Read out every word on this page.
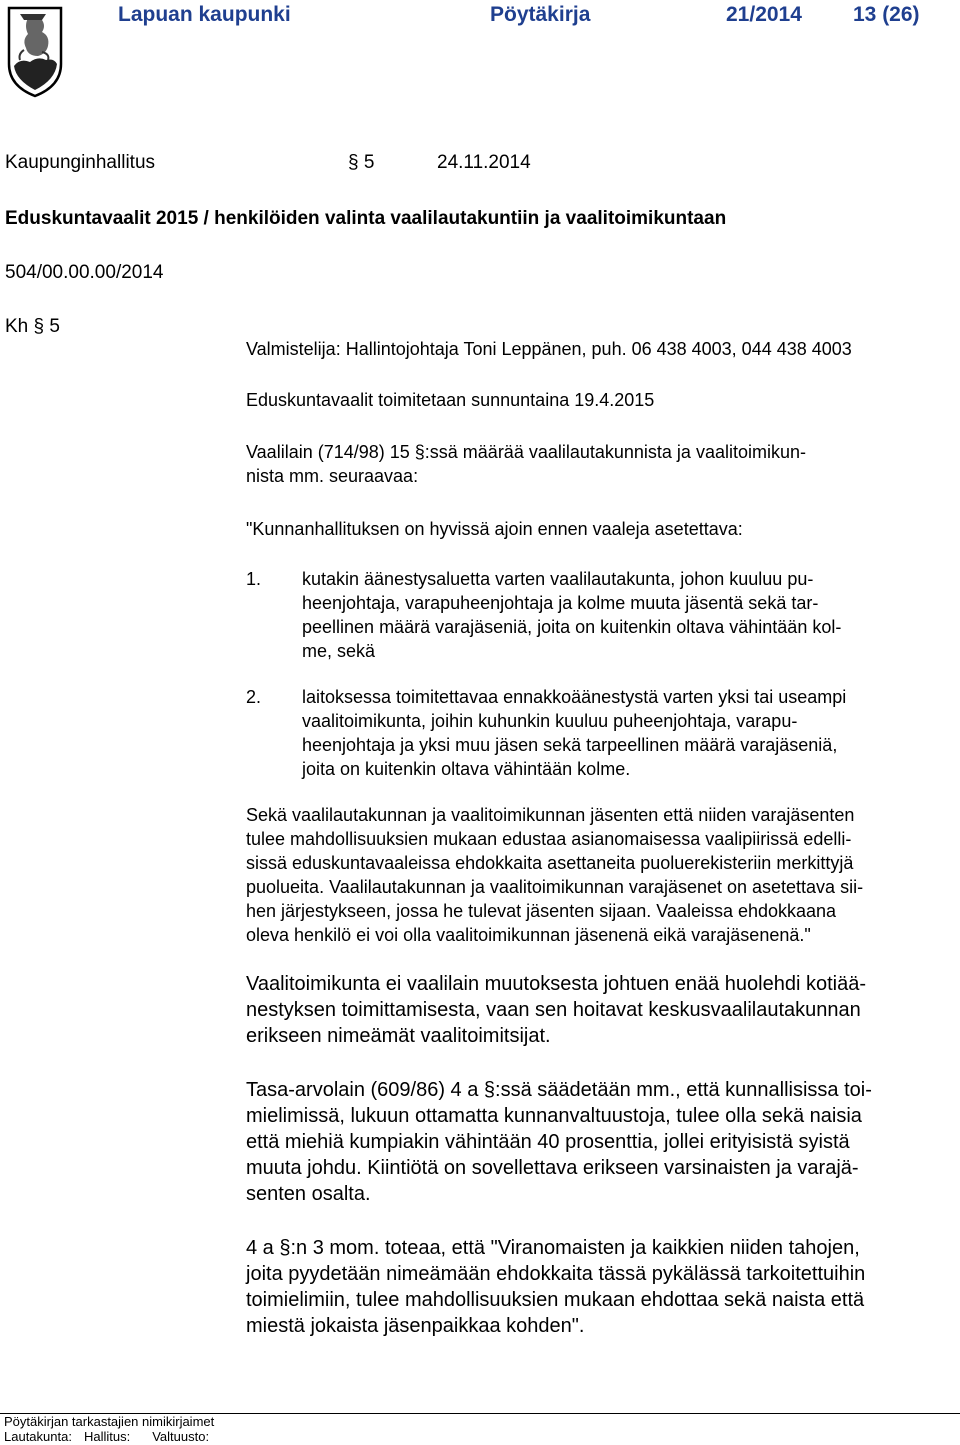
Lapuan kaupunki	Pöytäkirja	21/2014 13 (26)
Kaupunginhallitus	§ 5	24.11.2014
Eduskuntavaalit 2015 / henkilöiden valinta vaalilautakuntiin ja vaalitoimikuntaan
504/00.00.00/2014
Kh § 5
Valmistelija: Hallintojohtaja Toni Leppänen, puh. 06 438 4003, 044 438 4003
Eduskuntavaalit toimitetaan sunnuntaina 19.4.2015
Vaalilain (714/98) 15 §:ssä määrää vaalilautakunnista ja vaalitoimikun-
nista mm. seuraavaa:
"Kunnanhallituksen on hyvissä ajoin ennen vaaleja asetettava:
1. kutakin äänestysaluetta varten vaalilautakunta, johon kuuluu pu-
heenjohtaja, varapuheenjohtaja ja kolme muuta jäsentä sekä tar-
peellinen määrä varajäseniä, joita on kuitenkin oltava vähintään kol-
me, sekä
2. laitoksessa toimitettavaa ennakkoäänestystä varten yksi tai useampi
vaalitoimikunta, joihin kuhunkin kuuluu puheenjohtaja, varapu-
heenjohtaja ja yksi muu jäsen sekä tarpeellinen määrä varajäseniä,
joita on kuitenkin oltava vähintään kolme.
Sekä vaalilautakunnan ja vaalitoimikunnan jäsenten että niiden varajäsenten
tulee mahdollisuuksien mukaan edustaa asianomaisessa vaalipiirissä edelli-
sissä eduskuntavaaleissa ehdokkaita asettaneita puoluerekisteriin merkittyjä
puolueita. Vaalilautakunnan ja vaalitoimikunnan varajäsenet on asetettava sii-
hen järjestykseen, jossa he tulevat jäsenten sijaan. Vaaleissa ehdokkaana
oleva henkilö ei voi olla vaalitoimikunnan jäsenenä eikä varajäsenenä."
Vaalitoimikunta ei vaalilain muutoksesta johtuen enää huolehdi kotiää-
nestyksen toimittamisesta, vaan sen hoitavat keskusvaalilautakunnan
erikseen nimeämät vaalitoimitsijat.
Tasa-arvolain (609/86) 4 a §:ssä säädetään mm., että kunnallisissa toi-
mielimissä, lukuun ottamatta kunnanvaltuustoja, tulee olla sekä naisia
että miehiä kumpiakin vähintään 40 prosenttia, jollei erityisistä syistä
muuta johdu. Kiintiötä on sovellettava erikseen varsinaisten ja varajä-
senten osalta.
4 a §:n 3 mom. toteaa, että "Viranomaisten ja kaikkien niiden tahojen,
joita pyydetään nimeämään ehdokkaita tässä pykälässä tarkoitettuihin
toimielimiin, tulee mahdollisuuksien mukaan ehdottaa sekä naista että
miestä jokaista jäsenpaikkaa kohden".
Pöytäkirjan tarkastajien nimikirjaimet
Lautakunta: Hallitus: Valtuusto:
